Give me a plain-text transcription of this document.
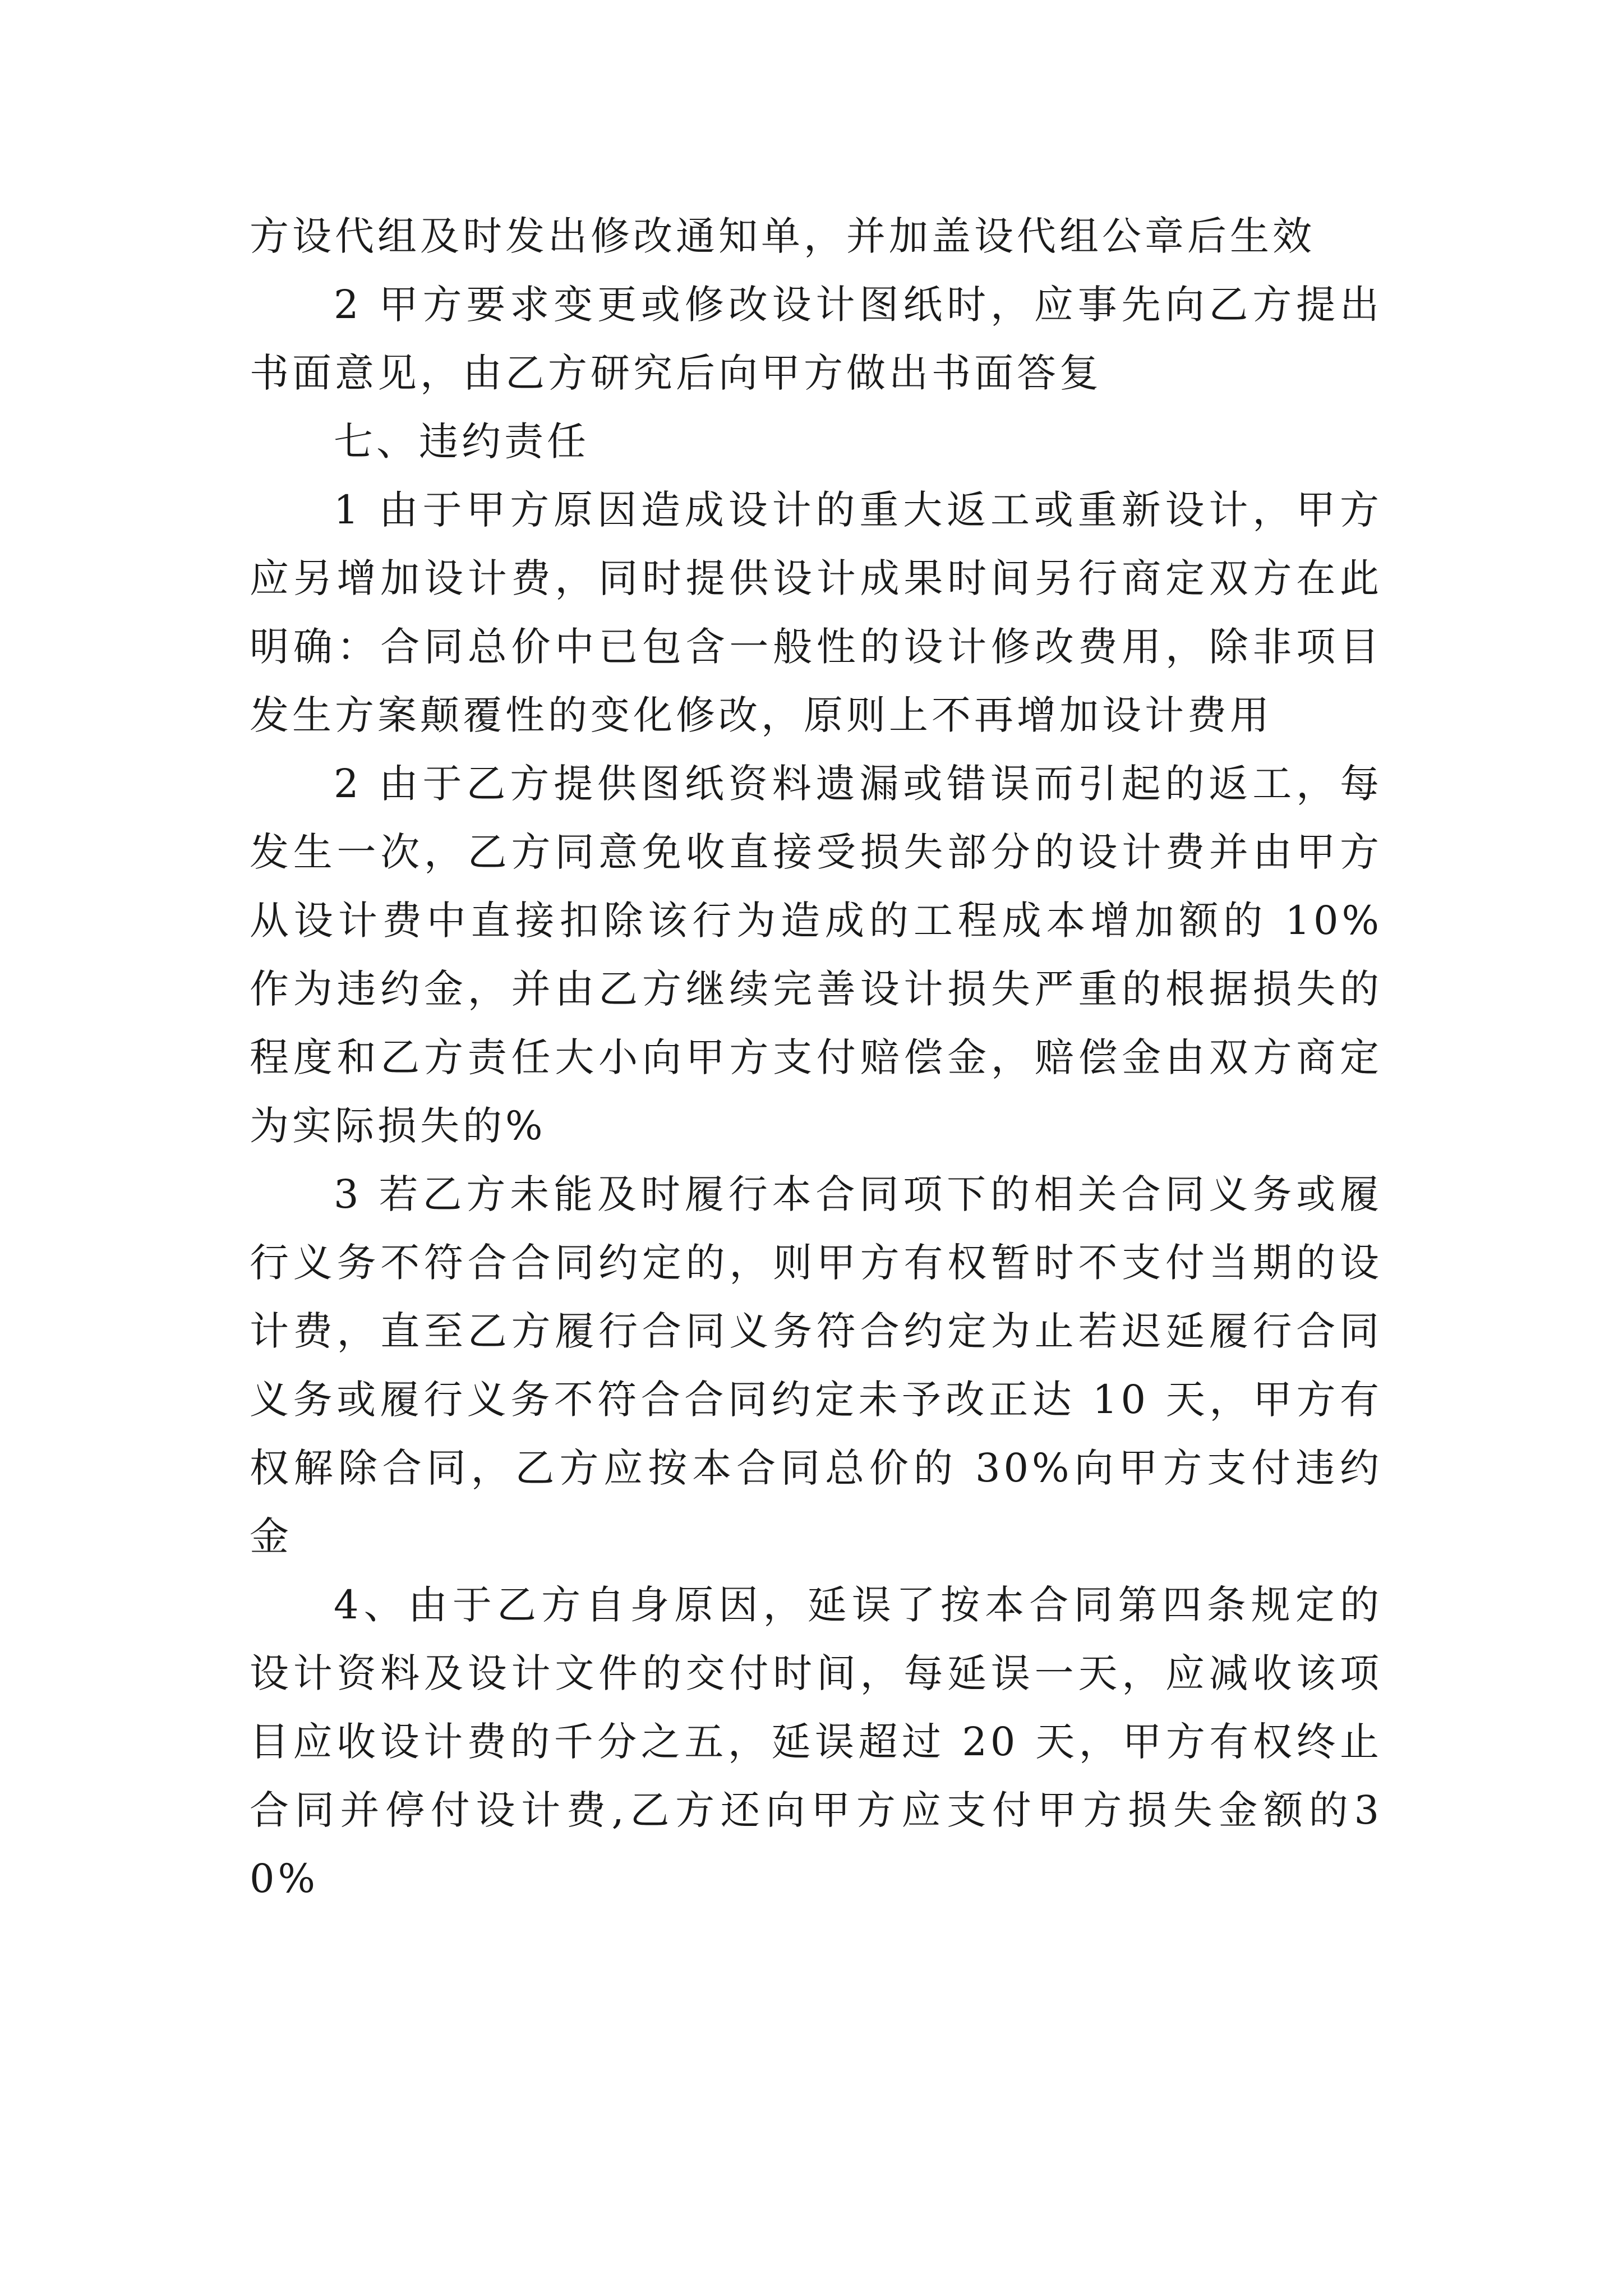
方设代组及时发出修改通知单，并加盖设代组公章后生效

2 甲方要求变更或修改设计图纸时，应事先向乙方提出书面意见，由乙方研究后向甲方做出书面答复

七、违约责任

1 由于甲方原因造成设计的重大返工或重新设计，甲方应另增加设计费，同时提供设计成果时间另行商定双方在此明确：合同总价中已包含一般性的设计修改费用，除非项目发生方案颠覆性的变化修改，原则上不再增加设计费用

2 由于乙方提供图纸资料遗漏或错误而引起的返工，每发生一次，乙方同意免收直接受损失部分的设计费并由甲方从设计费中直接扣除该行为造成的工程成本增加额的 10%作为违约金，并由乙方继续完善设计损失严重的根据损失的程度和乙方责任大小向甲方支付赔偿金，赔偿金由双方商定为实际损失的%

3 若乙方未能及时履行本合同项下的相关合同义务或履行义务不符合合同约定的，则甲方有权暂时不支付当期的设计费，直至乙方履行合同义务符合约定为止若迟延履行合同义务或履行义务不符合合同约定未予改正达 10 天，甲方有权解除合同，乙方应按本合同总价的 30%向甲方支付违约金

4、由于乙方自身原因，延误了按本合同第四条规定的设计资料及设计文件的交付时间，每延误一天，应减收该项目应收设计费的千分之五，延误超过 20 天，甲方有权终止合同并停付设计费,乙方还向甲方应支付甲方损失金额的30%
